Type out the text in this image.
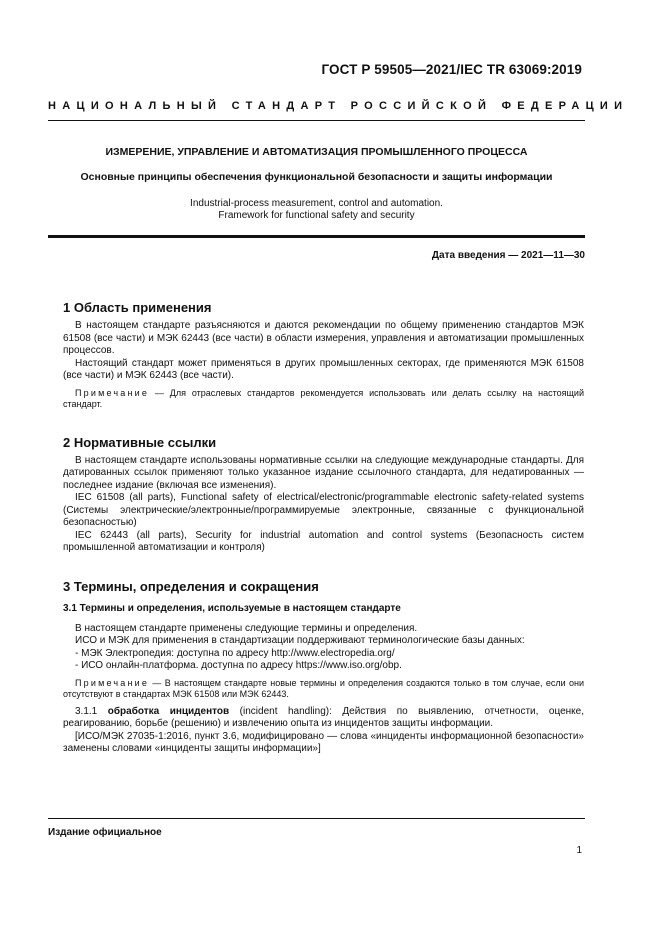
ГОСТ Р 59505—2021/IEC TR 63069:2019
НАЦИОНАЛЬНЫЙ СТАНДАРТ РОССИЙСКОЙ ФЕДЕРАЦИИ
ИЗМЕРЕНИЕ, УПРАВЛЕНИЕ И АВТОМАТИЗАЦИЯ ПРОМЫШЛЕННОГО ПРОЦЕССА
Основные принципы обеспечения функциональной безопасности и защиты информации
Industrial-process measurement, control and automation.
Framework for functional safety and security
Дата введения — 2021—11—30
1 Область применения

В настоящем стандарте разъясняются и даются рекомендации по общему применению стандартов МЭК 61508 (все части) и МЭК 62443 (все части) в области измерения, управления и автоматизации промышленных процессов.

Настоящий стандарт может применяться в других промышленных секторах, где применяются МЭК 61508 (все части) и МЭК 62443 (все части).

Примечание — Для отраслевых стандартов рекомендуется использовать или делать ссылку на настоящий стандарт.

2 Нормативные ссылки

В настоящем стандарте использованы нормативные ссылки на следующие международные стандарты. Для датированных ссылок применяют только указанное издание ссылочного стандарта, для недатированных — последнее издание (включая все изменения).

IEC 61508 (all parts), Functional safety of electrical/electronic/programmable electronic safety-related systems (Системы электрические/электронные/программируемые электронные, связанные с функциональной безопасностью)

IEC 62443 (all parts), Security for industrial automation and control systems (Безопасность систем промышленной автоматизации и контроля)

3 Термины, определения и сокращения
3.1 Термины и определения, используемые в настоящем стандарте

В настоящем стандарте применены следующие термины и определения.

ИСО и МЭК для применения в стандартизации поддерживают терминологические базы данных:

- МЭК Электропедия: доступна по адресу http://www.electropedia.org/

- ИСО онлайн-платформа. доступна по адресу https://www.iso.org/obp.

Примечание — В настоящем стандарте новые термины и определения создаются только в том случае, если они отсутствуют в стандартах МЭК 61508 или МЭК 62443.

3.1.1 обработка инцидентов (incident handling): Действия по выявлению, отчетности, оценке, реагированию, борьбе (решению) и извлечению опыта из инцидентов защиты информации.

[ИСО/МЭК 27035-1:2016, пункт 3.6, модифицировано — слова «инциденты информационной безопасности» заменены словами «инциденты защиты информации»]

Издание официальное
1
